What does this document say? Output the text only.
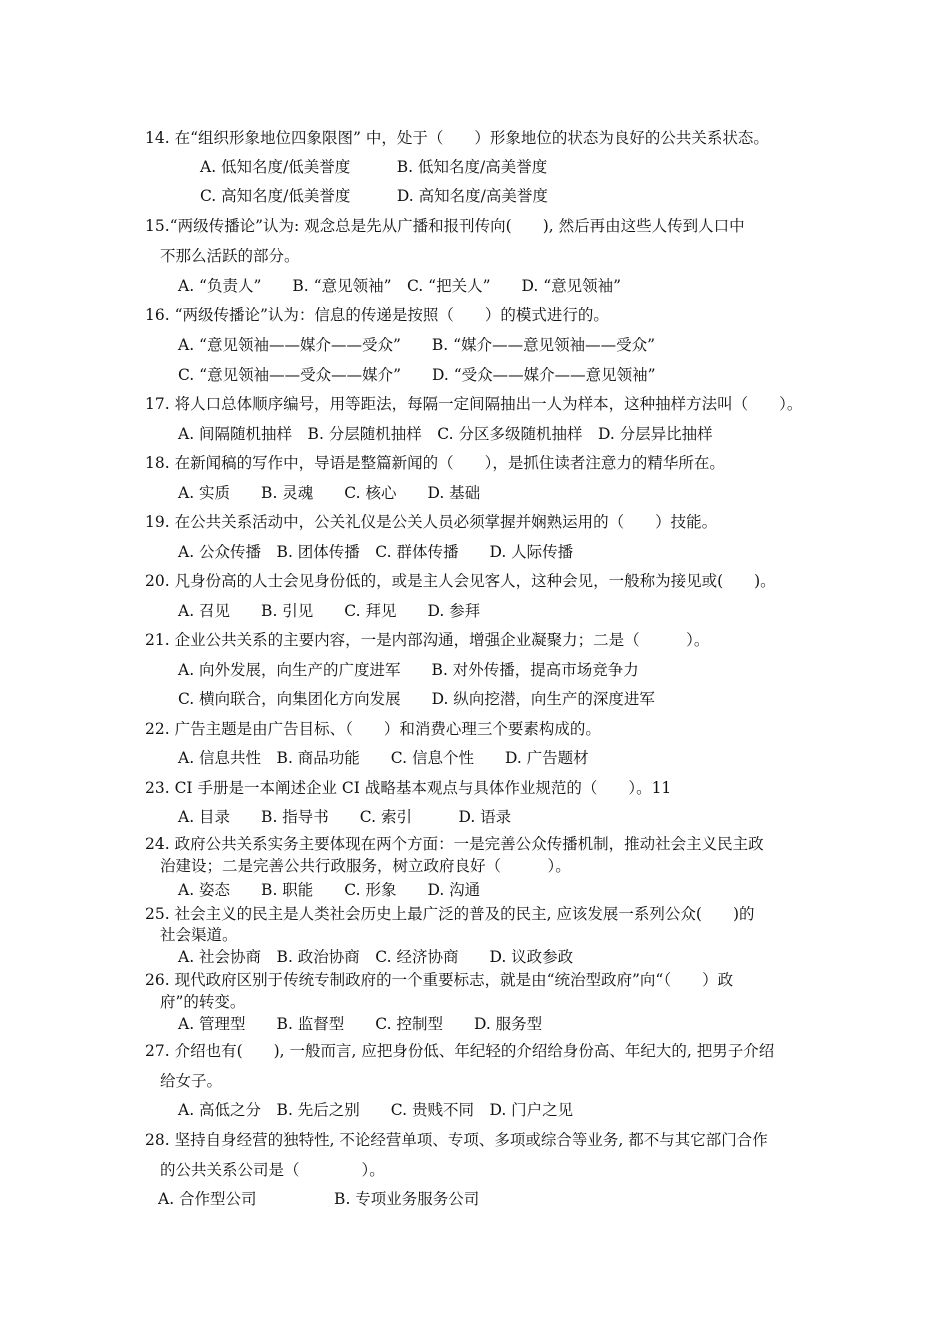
14. 在“组织形象地位四象限图” 中，处于（　　）形象地位的状态为良好的公共关系状态。
A. 低知名度/低美誉度　　　B. 低知名度/高美誉度
C. 高知名度/低美誉度　　　D. 高知名度/高美誉度
15.“两级传播论”认为: 观念总是先从广播和报刊传向(　　), 然后再由这些人传到人口中
不那么活跃的部分。
A. “负责人”　　B. “意见领袖”　C. “把关人”　　D. “意见领袖”
16. “两级传播论”认为：信息的传递是按照（　　）的模式进行的。
A. “意见领袖——媒介——受众”　　B. “媒介——意见领袖——受众”
C. “意见领袖——受众——媒介”　　D. “受众——媒介——意见领袖”
17. 将人口总体顺序编号，用等距法，每隔一定间隔抽出一人为样本，这种抽样方法叫（　　）。
A. 间隔随机抽样　B. 分层随机抽样　C. 分区多级随机抽样　D. 分层异比抽样
18. 在新闻稿的写作中，导语是整篇新闻的（　　），是抓住读者注意力的精华所在。
A. 实质　　B. 灵魂　　C. 核心　　D. 基础
19. 在公共关系活动中，公关礼仪是公关人员必须掌握并娴熟运用的（　　）技能。
A. 公众传播　B. 团体传播　C. 群体传播　　D. 人际传播
20. 凡身份高的人士会见身份低的，或是主人会见客人，这种会见，一般称为接见或(　　)。
A. 召见　　B. 引见　　C. 拜见　　D. 参拜
21. 企业公共关系的主要内容，一是内部沟通，增强企业凝聚力；二是（　　　）。
A. 向外发展，向生产的广度进军　　B. 对外传播，提高市场竞争力
C. 横向联合，向集团化方向发展　　D. 纵向挖潜，向生产的深度进军
22. 广告主题是由广告目标、（　　）和消费心理三个要素构成的。
A. 信息共性　B. 商品功能　　C. 信息个性　　D. 广告题材
23. CI 手册是一本阐述企业 CI 战略基本观点与具体作业规范的（　　）。11
A. 目录　　B. 指导书　　C. 索引　　　D. 语录
24. 政府公共关系实务主要体现在两个方面：一是完善公众传播机制，推动社会主义民主政
治建设；二是完善公共行政服务，树立政府良好（　　　）。
A. 姿态　　B. 职能　　C. 形象　　D. 沟通
25. 社会主义的民主是人类社会历史上最广泛的普及的民主, 应该发展一系列公众(　　)的
社会渠道。
A. 社会协商　B. 政治协商　C. 经济协商　　D. 议政参政
26. 现代政府区别于传统专制政府的一个重要标志，就是由“统治型政府”向“（　　）政
府”的转变。
A. 管理型　　B. 监督型　　C. 控制型　　D. 服务型
27. 介绍也有(　　), 一般而言, 应把身份低、年纪轻的介绍给身份高、年纪大的, 把男子介绍
给女子。
A. 高低之分　B. 先后之别　　C. 贵贱不同　D. 门户之见
28. 坚持自身经营的独特性, 不论经营单项、专项、多项或综合等业务, 都不与其它部门合作
的公共关系公司是（　　　　）。
A. 合作型公司　　　　　B. 专项业务服务公司
